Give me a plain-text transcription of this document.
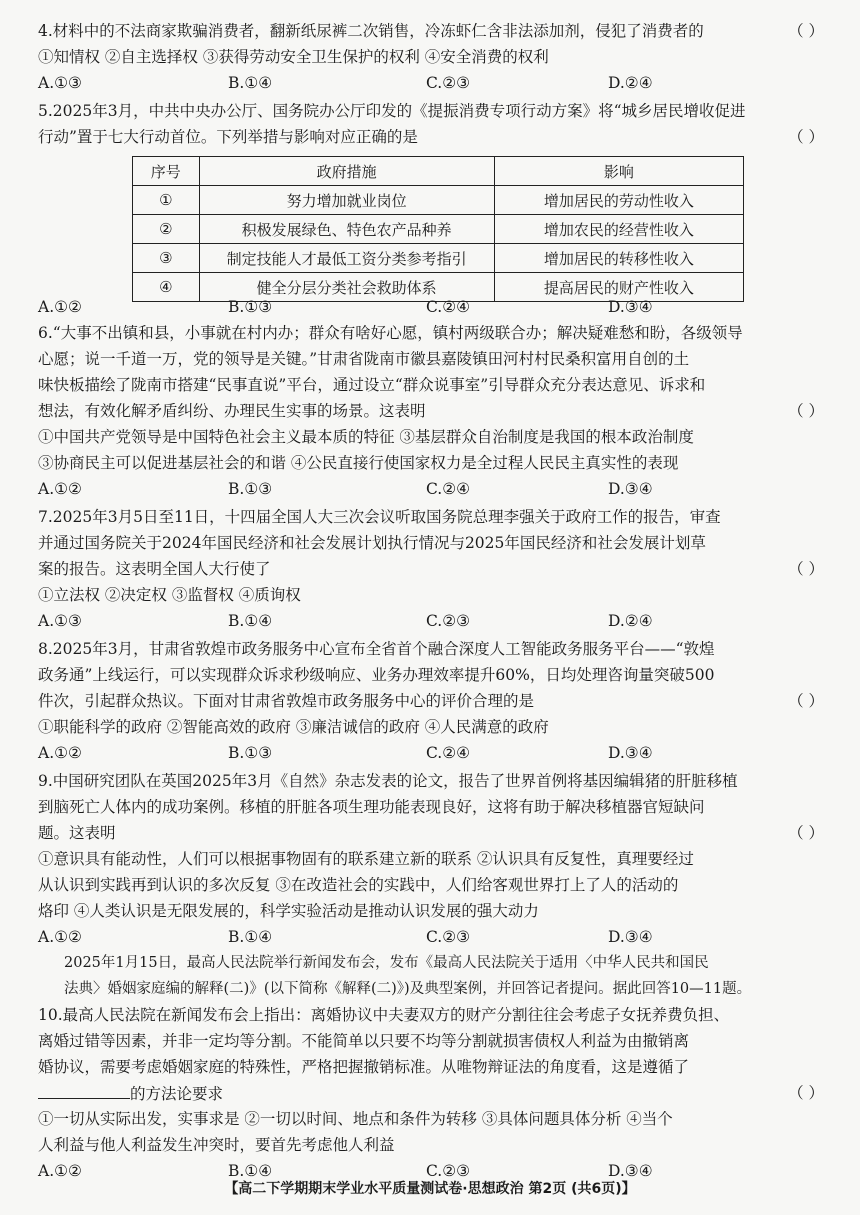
4.材料中的不法商家欺骗消费者，翻新纸尿裤二次销售，冷冻虾仁含非法添加剂，侵犯了消费者的	（ ）
①知情权 ②自主选择权 ③获得劳动安全卫生保护的权利 ④安全消费的权利
A.①③	B.①④	C.②③	D.②④
5.2025年3月，中共中央办公厅、国务院办公厅印发的《提振消费专项行动方案》将“城乡居民增收促进
行动”置于七大行动首位。下列举措与影响对应正确的是	（ ）
序号	政府措施	影响
①	努力增加就业岗位	增加居民的劳动性收入
②	积极发展绿色、特色农产品种养	增加农民的经营性收入
③	制定技能人才最低工资分类参考指引	增加居民的转移性收入
④	健全分层分类社会救助体系	提高居民的财产性收入
A.①②	B.①③	C.②④	D.③④
6.“大事不出镇和县，小事就在村内办；群众有啥好心愿，镇村两级联合办；解决疑难愁和盼，各级领导
心愿；说一千道一万，党的领导是关键。”甘肃省陇南市徽县嘉陵镇田河村村民桑积富用自创的土
味快板描绘了陇南市搭建“民事直说”平台，通过设立“群众说事室”引导群众充分表达意见、诉求和
想法，有效化解矛盾纠纷、办理民生实事的场景。这表明	（ ）
①中国共产党领导是中国特色社会主义最本质的特征 ③基层群众自治制度是我国的根本政治制度
③协商民主可以促进基层社会的和谐 ④公民直接行使国家权力是全过程人民民主真实性的表现
A.①②	B.①③	C.②④	D.③④
7.2025年3月5日至11日，十四届全国人大三次会议听取国务院总理李强关于政府工作的报告，审查
并通过国务院关于2024年国民经济和社会发展计划执行情况与2025年国民经济和社会发展计划草
案的报告。这表明全国人大行使了	（ ）
①立法权 ②决定权 ③监督权 ④质询权
A.①③	B.①④	C.②③	D.②④
8.2025年3月，甘肃省敦煌市政务服务中心宣布全省首个融合深度人工智能政务服务平台——“敦煌
政务通”上线运行，可以实现群众诉求秒级响应、业务办理效率提升60%，日均处理咨询量突破500
件次，引起群众热议。下面对甘肃省敦煌市政务服务中心的评价合理的是	（ ）
①职能科学的政府 ②智能高效的政府 ③廉洁诚信的政府 ④人民满意的政府
A.①②	B.①③	C.②④	D.③④
9.中国研究团队在英国2025年3月《自然》杂志发表的论文，报告了世界首例将基因编辑猪的肝脏移植
到脑死亡人体内的成功案例。移植的肝脏各项生理功能表现良好，这将有助于解决移植器官短缺问
题。这表明	（ ）
①意识具有能动性，人们可以根据事物固有的联系建立新的联系 ②认识具有反复性，真理要经过
从认识到实践再到认识的多次反复 ③在改造社会的实践中，人们给客观世界打上了人的活动的
烙印 ④人类认识是无限发展的，科学实验活动是推动认识发展的强大动力
A.①②	B.①④	C.②③	D.③④
2025年1月15日，最高人民法院举行新闻发布会，发布《最高人民法院关于适用〈中华人民共和国民
法典〉婚姻家庭编的解释(二)》(以下简称《解释(二)》)及典型案例，并回答记者提问。据此回答10—11题。
10.最高人民法院在新闻发布会上指出：离婚协议中夫妻双方的财产分割往往会考虑子女抚养费负担、
离婚过错等因素，并非一定均等分割。不能简单以只要不均等分割就损害债权人利益为由撤销离
婚协议，需要考虑婚姻家庭的特殊性，严格把握撤销标准。从唯物辩证法的角度看，这是遵循了
的方法论要求	（ ）
①一切从实际出发，实事求是 ②一切以时间、地点和条件为转移 ③具体问题具体分析 ④当个
人利益与他人利益发生冲突时，要首先考虑他人利益
A.①②	B.①④	C.②③	D.③④
【高二下学期期末学业水平质量测试卷·思想政治 第2页 (共6页)】
